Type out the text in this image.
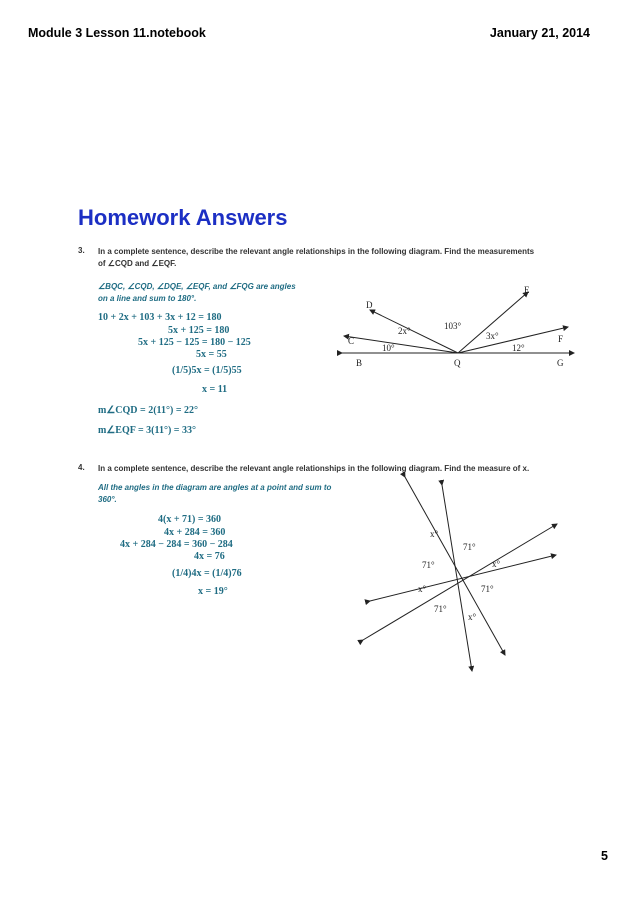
Module 3 Lesson 11.notebook	January 21, 2014
Homework Answers
3. In a complete sentence, describe the relevant angle relationships in the following diagram. Find the measurements
of ∠CQD and ∠EQF.
∠BQC, ∠CQD, ∠DQE, ∠EQF, and ∠FQG are angles
on a line and sum to 180°.
10 + 2x + 103 + 3x + 12 = 180
5x + 125 = 180
5x + 125 − 125 = 180 − 125
5x = 55
(1/5)5x = (1/5)55
x = 11
m∠CQD = 2(11°) = 22°
m∠EQF = 3(11°) = 33°
D
E
C	F
B	Q	G
2x°	103°
3x°
10°	12°
4. In a complete sentence, describe the relevant angle relationships in the following diagram. Find the measure of x.
All the angles in the diagram are angles at a point and sum to
360°.
4(x + 71) = 360
4x + 284 = 360
4x + 284 − 284 = 360 − 284
4x = 76
(1/4)4x = (1/4)76
x = 19°
x°
71°
71°	x°
x°	71°
71°
x°
5
